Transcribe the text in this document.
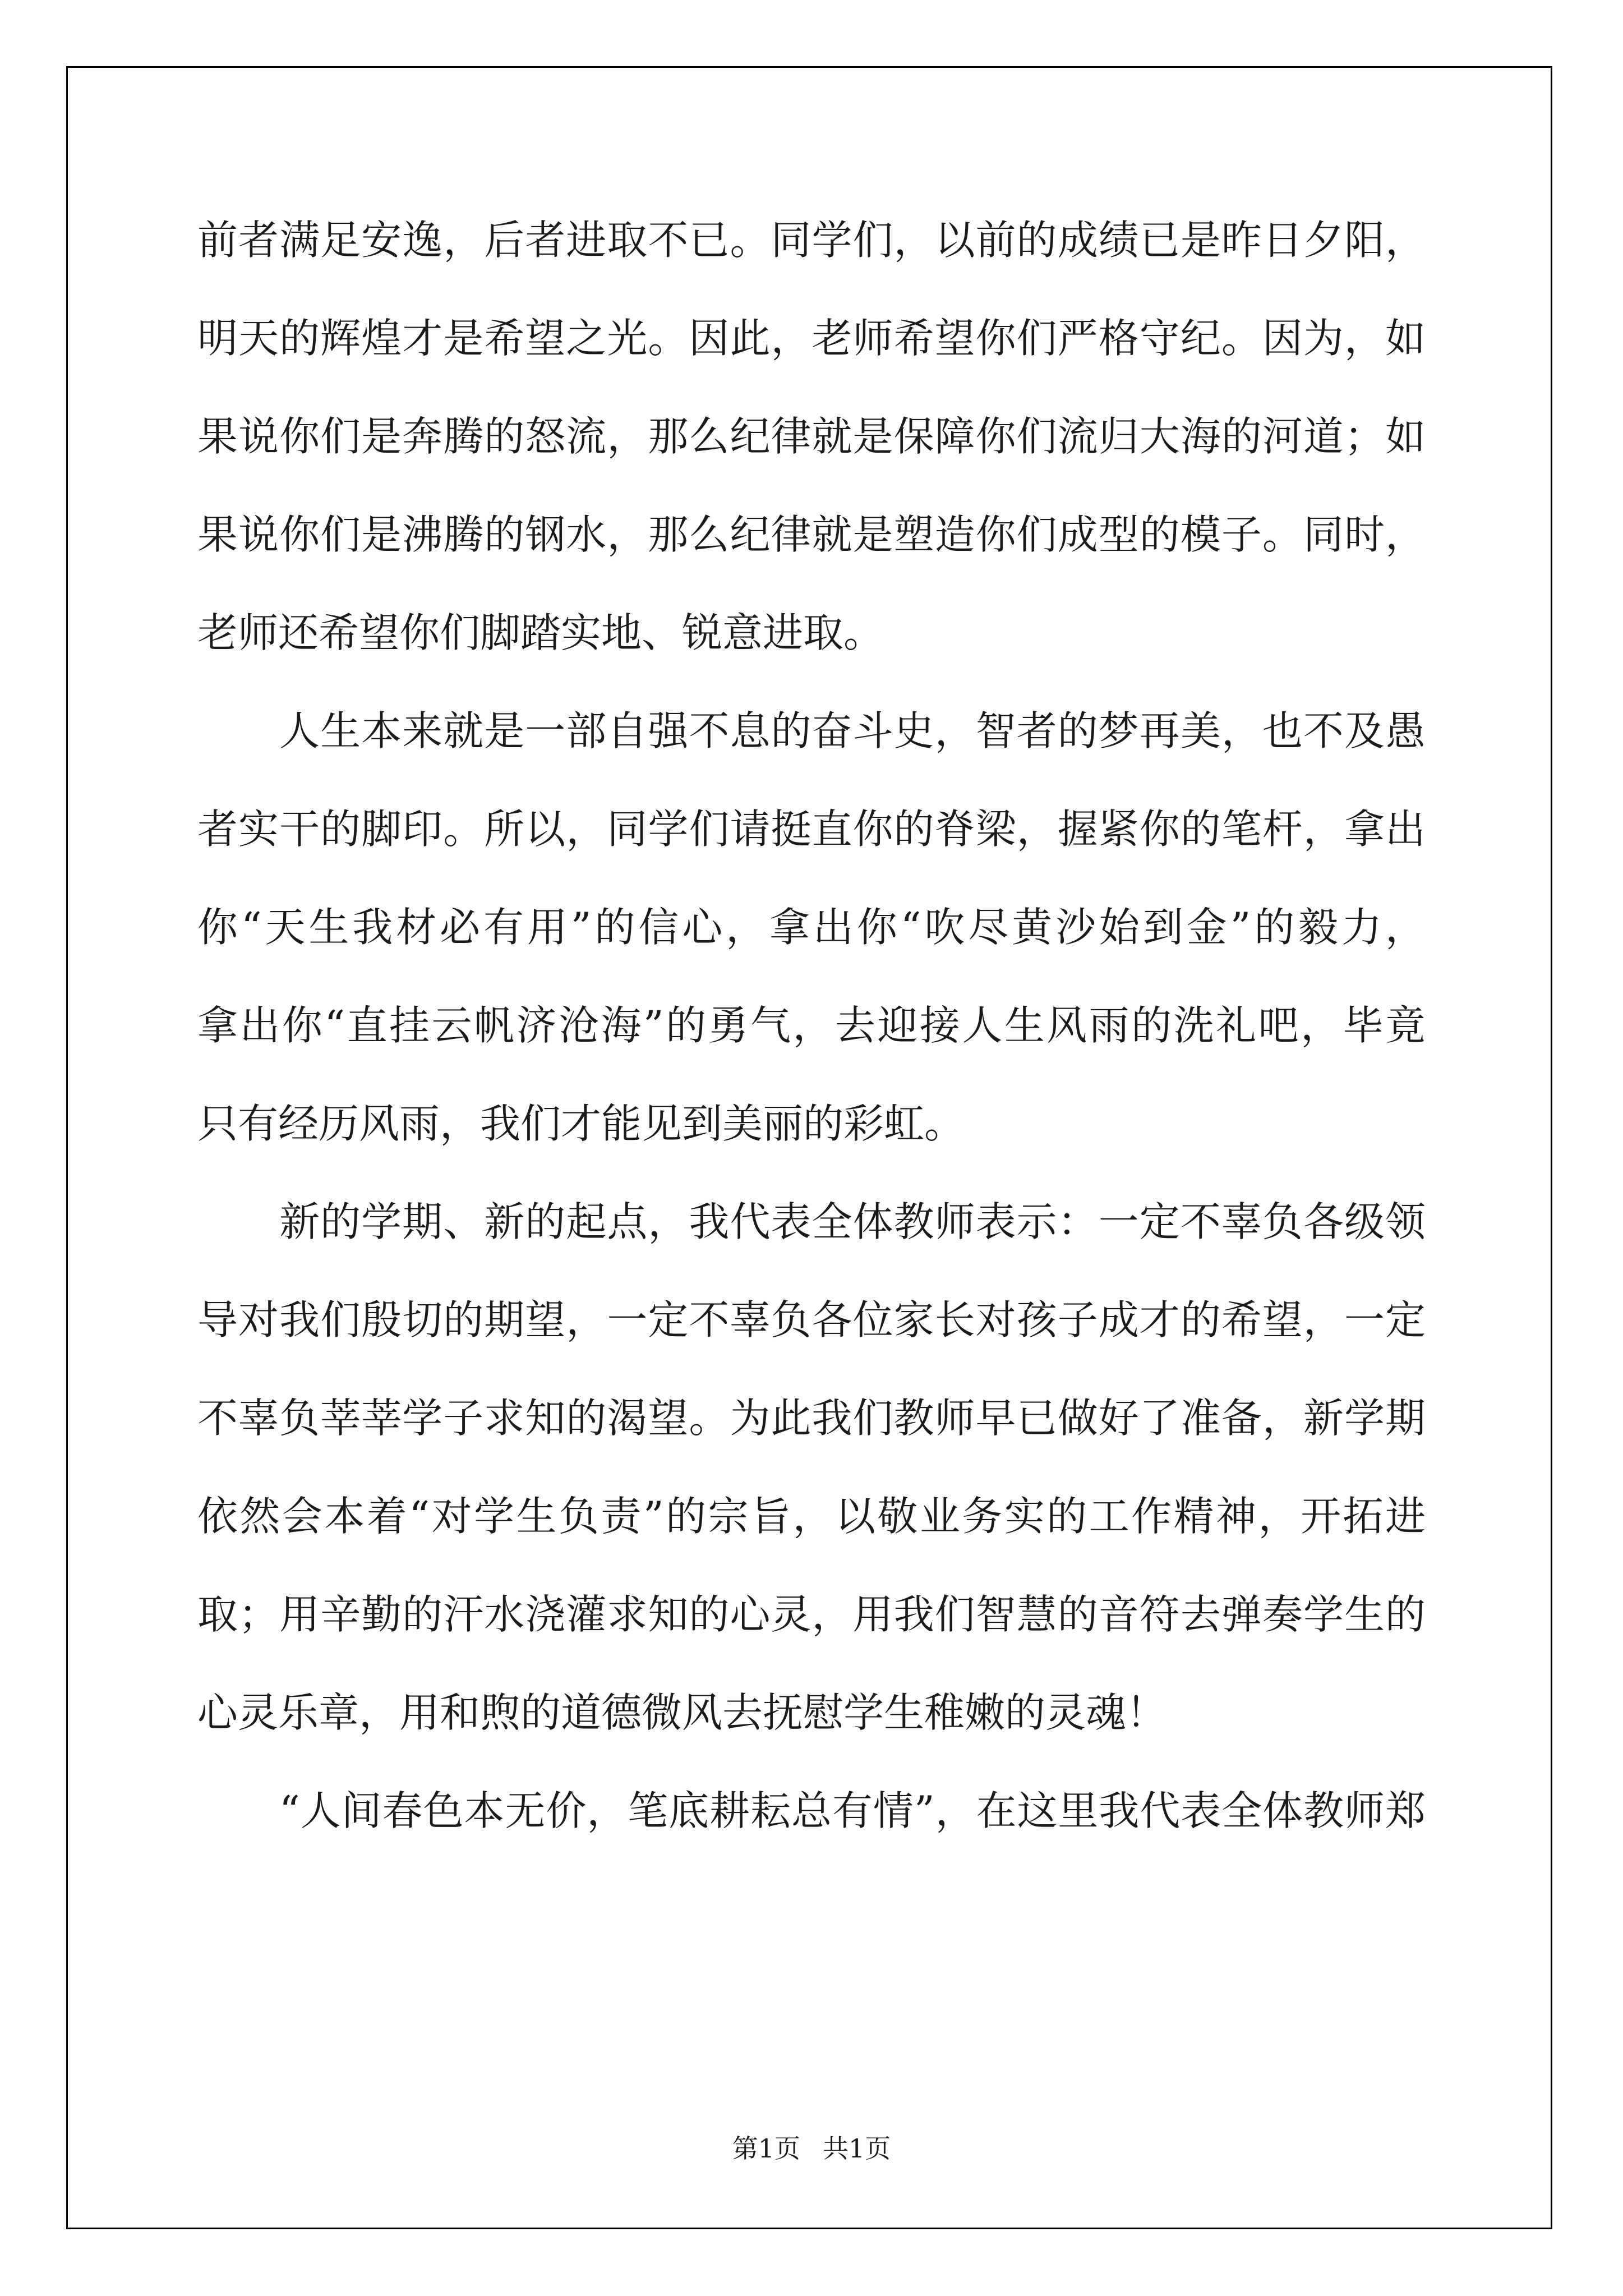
前者满足安逸，后者进取不已。同学们，以前的成绩已是昨日夕阳，
明天的辉煌才是希望之光。因此，老师希望你们严格守纪。因为，如
果说你们是奔腾的怒流，那么纪律就是保障你们流归大海的河道；如
果说你们是沸腾的钢水，那么纪律就是塑造你们成型的模子。同时，
老师还希望你们脚踏实地、锐意进取。
　　人生本来就是一部自强不息的奋斗史，智者的梦再美，也不及愚
者实干的脚印。所以，同学们请挺直你的脊梁，握紧你的笔杆，拿出
你“天生我材必有用”的信心，拿出你“吹尽黄沙始到金”的毅力，
拿出你“直挂云帆济沧海”的勇气，去迎接人生风雨的洗礼吧，毕竟
只有经历风雨，我们才能见到美丽的彩虹。
　　新的学期、新的起点，我代表全体教师表示：一定不辜负各级领
导对我们殷切的期望，一定不辜负各位家长对孩子成才的希望，一定
不辜负莘莘学子求知的渴望。为此我们教师早已做好了准备，新学期
依然会本着“对学生负责”的宗旨，以敬业务实的工作精神，开拓进
取；用辛勤的汗水浇灌求知的心灵，用我们智慧的音符去弹奏学生的
心灵乐章，用和煦的道德微风去抚慰学生稚嫩的灵魂！
　　“人间春色本无价，笔底耕耘总有情”，在这里我代表全体教师郑
第1页 共1页
